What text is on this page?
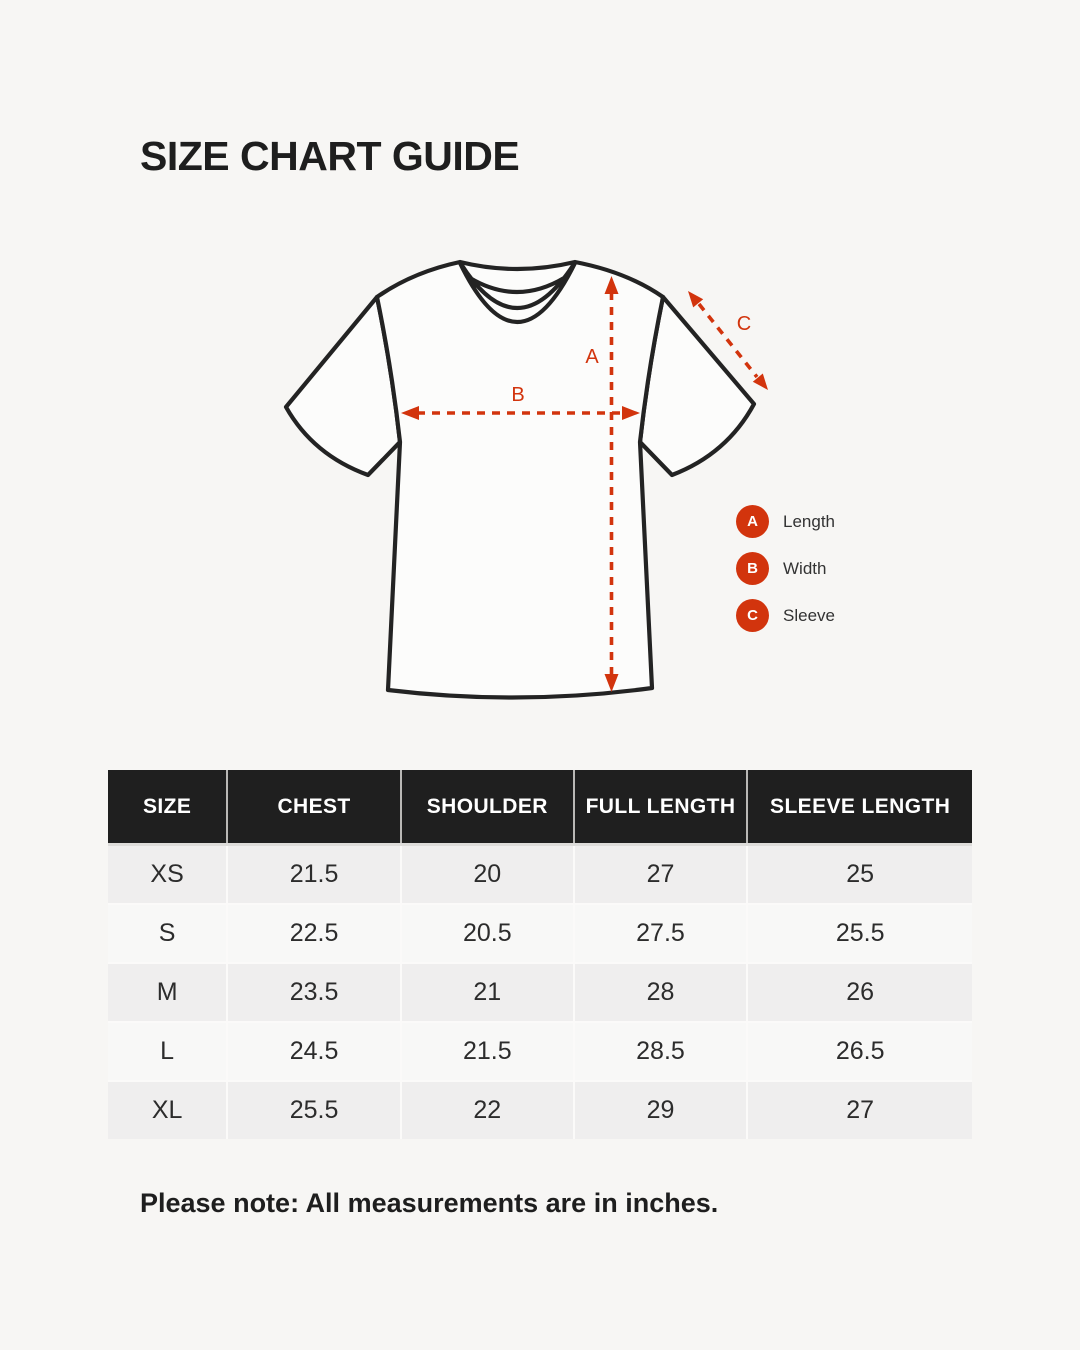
SIZE CHART GUIDE
A
B
C
A	Length
B	Width
C	Sleeve
SIZE	CHEST	SHOULDER	FULL LENGTH	SLEEVE LENGTH
XS	21.5	20	27	25
S	22.5	20.5	27.5	25.5
M	23.5	21	28	26
L	24.5	21.5	28.5	26.5
XL	25.5	22	29	27

Please note: All measurements are in inches.
